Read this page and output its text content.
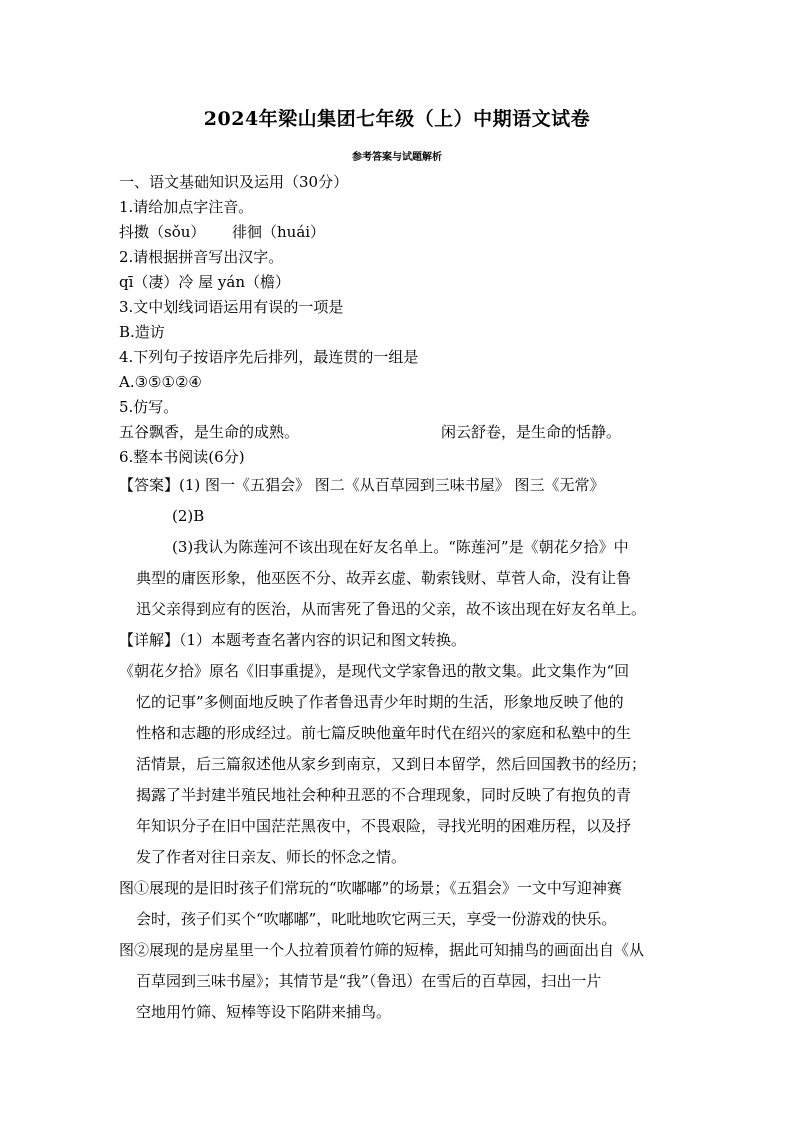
2024年梁山集团七年级（上）中期语文试卷
参考答案与试题解析
一、语文基础知识及运用（30分）
1.请给加点字注音。
抖擞（sǒu） 徘徊（huái）
2.请根据拼音写出汉字。
qī（凄）冷 屋 yán（檐）
3.文中划线词语运用有误的一项是
B.造访
4.下列句子按语序先后排列，最连贯的一组是
A.③⑤①②④
5.仿写。
五谷飘香，是生命的成熟。	闲云舒卷，是生命的恬静。
6.整本书阅读(6分)
【答案】(1) 图一《五猖会》 图二《从百草园到三味书屋》 图三《无常》
(2)B
(3)我认为陈莲河不该出现在好友名单上。“陈莲河”是《朝花夕拾》中
典型的庸医形象，他巫医不分、故弄玄虚、勒索钱财、草菅人命，没有让鲁
迅父亲得到应有的医治，从而害死了鲁迅的父亲，故不该出现在好友名单上。
【详解】（1）本题考查名著内容的识记和图文转换。
《朝花夕拾》原名《旧事重提》，是现代文学家鲁迅的散文集。此文集作为“回
忆的记事”多侧面地反映了作者鲁迅青少年时期的生活，形象地反映了他的
性格和志趣的形成经过。前七篇反映他童年时代在绍兴的家庭和私塾中的生
活情景，后三篇叙述他从家乡到南京，又到日本留学，然后回国教书的经历；
揭露了半封建半殖民地社会种种丑恶的不合理现象，同时反映了有抱负的青
年知识分子在旧中国茫茫黑夜中，不畏艰险，寻找光明的困难历程，以及抒
发了作者对往日亲友、师长的怀念之情。
图①展现的是旧时孩子们常玩的“吹嘟嘟”的场景；《五猖会》一文中写迎神赛
会时，孩子们买个“吹嘟嘟”，叱吡地吹它两三天，享受一份游戏的快乐。
图②展现的是房星里一个人拉着顶着竹筛的短棒，据此可知捕鸟的画面出自《从
百草园到三味书屋》；其情节是“我”（鲁迅）在雪后的百草园，扫出一片
空地用竹筛、短棒等设下陷阱来捕鸟。
